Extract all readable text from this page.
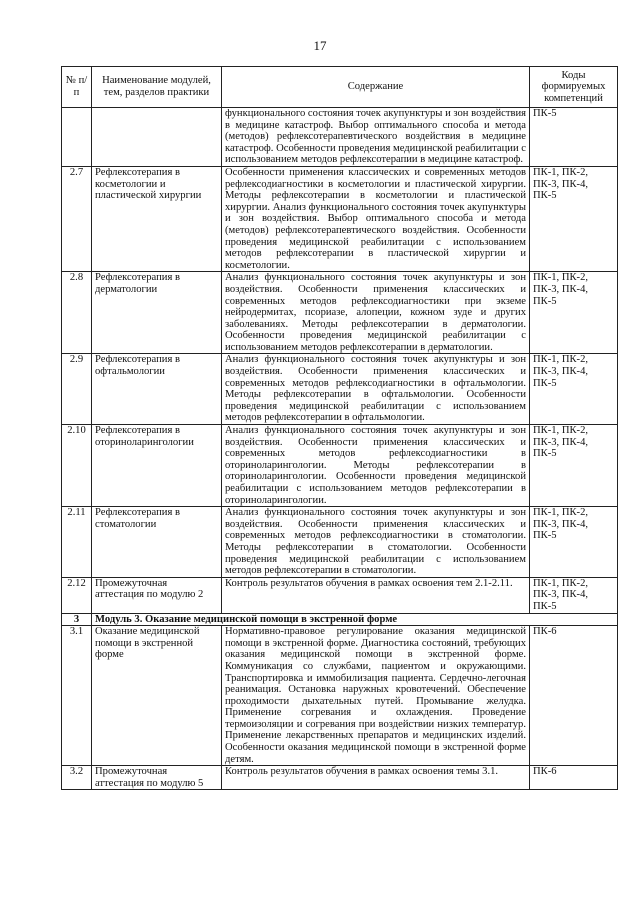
17
№ п/п	Наименование модулей, тем, разделов практики	Содержание	Коды формируемых компетенций
		функционального состояния точек акупунктуры и зон воздействия в медицине катастроф. Выбор оптимального способа и метода (методов) рефлексотерапевтического воздействия в медицине катастроф. Особенности проведения медицинской реабилитации с использованием методов рефлексотерапии в медицине катастроф.	ПК-5
2.7	Рефлексотерапия в косметологии и пластической хирургии	Особенности применения классических и современных методов рефлексодиагностики в косметологии и пластической хирургии. Методы рефлексотерапии в косметологии и пластической хирургии. Анализ функционального состояния точек акупунктуры и зон воздействия. Выбор оптимального способа и метода (методов) рефлексотерапевтического воздействия. Особенности проведения медицинской реабилитации с использованием методов рефлексотерапии в пластической хирургии и косметологии.	ПК-1, ПК-2, ПК-3, ПК-4, ПК-5
2.8	Рефлексотерапия в дерматологии	Анализ функционального состояния точек акупунктуры и зон воздействия. Особенности применения классических и современных методов рефлексодиагностики при экземе нейродермитах, псориазе, алопеции, кожном зуде и других заболеваниях. Методы рефлексотерапии в дерматологии. Особенности проведения медицинской реабилитации с использованием методов рефлексотерапии в дерматологии.	ПК-1, ПК-2, ПК-3, ПК-4, ПК-5
2.9	Рефлексотерапия в офтальмологии	Анализ функционального состояния точек акупунктуры и зон воздействия. Особенности применения классических и современных методов рефлексодиагностики в офтальмологии. Методы рефлексотерапии в офтальмологии. Особенности проведения медицинской реабилитации с использованием методов рефлексотерапии в офтальмологии.	ПК-1, ПК-2, ПК-3, ПК-4, ПК-5
2.10	Рефлексотерапия в оториноларингологии	Анализ функционального состояния точек акупунктуры и зон воздействия. Особенности применения классических и современных методов рефлексодиагностики в оториноларингологии. Методы рефлексотерапии в оториноларингологии. Особенности проведения медицинской реабилитации с использованием методов рефлексотерапии в оториноларингологии.	ПК-1, ПК-2, ПК-3, ПК-4, ПК-5
2.11	Рефлексотерапия в стоматологии	Анализ функционального состояния точек акупунктуры и зон воздействия. Особенности применения классических и современных методов рефлексодиагностики в стоматологии. Методы рефлексотерапии в стоматологии. Особенности проведения медицинской реабилитации с использованием методов рефлексотерапии в стоматологии.	ПК-1, ПК-2, ПК-3, ПК-4, ПК-5
2.12	Промежуточная аттестация по модулю 2	Контроль результатов обучения в рамках освоения тем 2.1-2.11.	ПК-1, ПК-2, ПК-3, ПК-4, ПК-5
3	Модуль 3. Оказание медицинской помощи в экстренной форме		
3.1	Оказание медицинской помощи в экстренной форме	Нормативно-правовое регулирование оказания медицинской помощи в экстренной форме. Диагностика состояний, требующих оказания медицинской помощи в экстренной форме. Коммуникация со службами, пациентом и окружающими. Транспортировка и иммобилизация пациента. Сердечно-легочная реанимация. Остановка наружных кровотечений. Обеспечение проходимости дыхательных путей. Промывание желудка. Применение согревания и охлаждения. Проведение термоизоляции и согревания при воздействии низких температур. Применение лекарственных препаратов и медицинских изделий. Особенности оказания медицинской помощи в экстренной форме детям.	ПК-6
3.2	Промежуточная аттестация по модулю 5	Контроль результатов обучения в рамках освоения темы 3.1.	ПК-6
